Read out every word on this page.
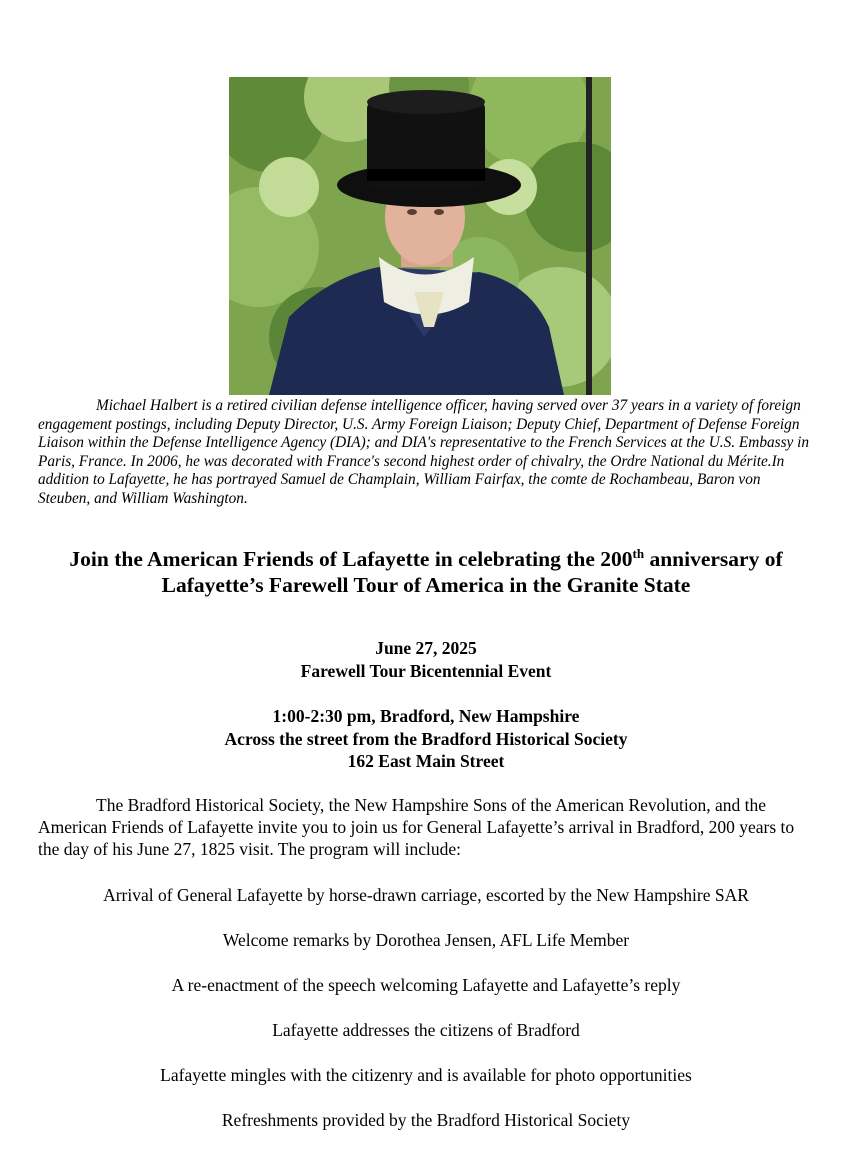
Michael Halbert is a retired civilian defense intelligence officer, having served over 37 years in a variety of foreign engagement postings, including Deputy Director, U.S. Army Foreign Liaison; Deputy Chief, Department of Defense Foreign Liaison within the Defense Intelligence Agency (DIA); and DIA's representative to the French Services at the U.S. Embassy in Paris, France. In 2006, he was decorated with France's second highest order of chivalry, the Ordre National du Mérite.In addition to Lafayette, he has portrayed Samuel de Champlain, William Fairfax, the comte de Rochambeau, Baron von Steuben, and William Washington.

Join the American Friends of Lafayette in celebrating the 200th anniversary of
Lafayette’s Farewell Tour of America in the Granite State
June 27, 2025
Farewell Tour Bicentennial Event
1:00-2:30 pm, Bradford, New Hampshire
Across the street from the Bradford Historical Society
162 East Main Street

The Bradford Historical Society, the New Hampshire Sons of the American Revolution, and the American Friends of Lafayette invite you to join us for General Lafayette’s arrival in Bradford, 200 years to the day of his June 27, 1825 visit. The program will include:

Arrival of General Lafayette by horse-drawn carriage, escorted by the New Hampshire SAR

Welcome remarks by Dorothea Jensen, AFL Life Member

A re-enactment of the speech welcoming Lafayette and Lafayette’s reply

Lafayette addresses the citizens of Bradford

Lafayette mingles with the citizenry and is available for photo opportunities

Refreshments provided by the Bradford Historical Society
